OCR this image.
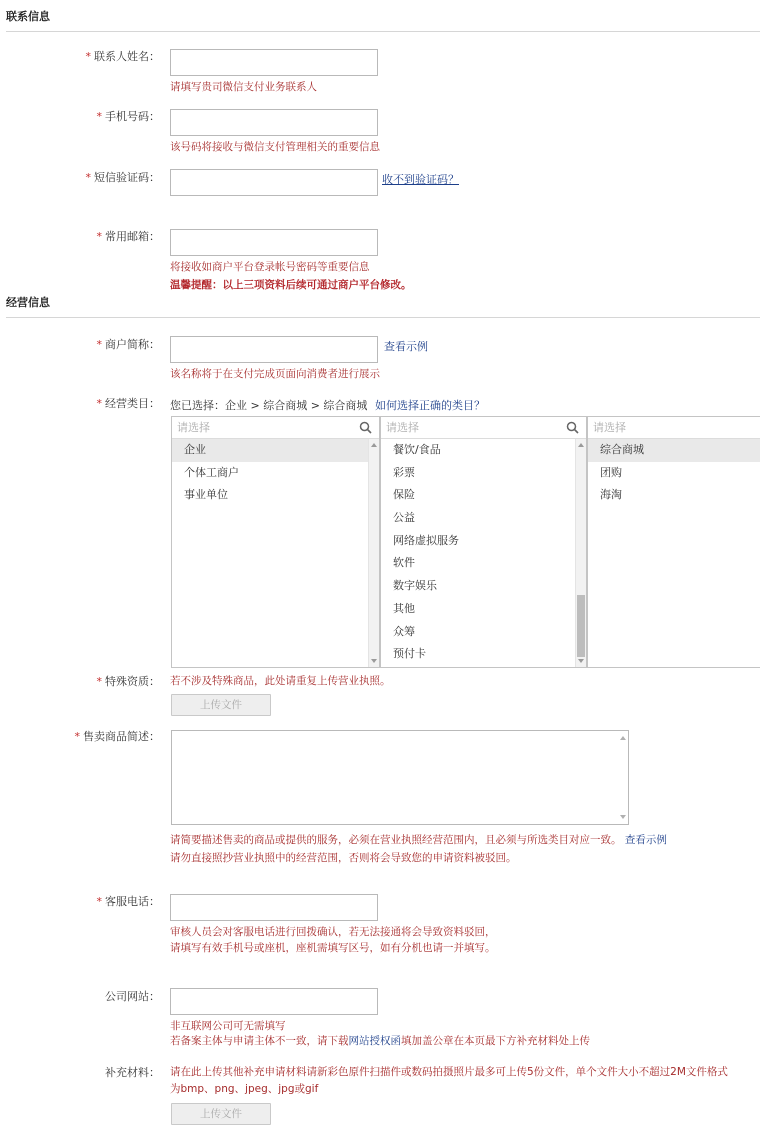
联系信息
* 联系人姓名：
请填写贵司微信支付业务联系人
* 手机号码：
该号码将接收与微信支付管理相关的重要信息
* 短信验证码：	收不到验证码？
* 常用邮箱：
将接收如商户平台登录帐号密码等重要信息
温馨提醒：以上三项资料后续可通过商户平台修改。
经营信息
* 商户简称：	查看示例
该名称将于在支付完成页面向消费者进行展示
* 经营类目： 您已选择：企业 > 综合商城 > 综合商城 如何选择正确的类目？
请选择
企业
个体工商户
事业单位
请选择
餐饮/食品
彩票
保险
公益
网络虚拟服务
软件
数字娱乐
其他
众筹
预付卡
请选择
综合商城
团购
海淘
* 特殊资质： 若不涉及特殊商品，此处请重复上传营业执照。
上传文件
* 售卖商品简述：
请简要描述售卖的商品或提供的服务，必须在营业执照经营范围内，且必须与所选类目对应一致。 查看示例
请勿直接照抄营业执照中的经营范围，否则将会导致您的申请资料被驳回。
* 客服电话：
审核人员会对客服电话进行回拨确认，若无法接通将会导致资料驳回，
请填写有效手机号或座机，座机需填写区号，如有分机也请一并填写。
公司网站：
非互联网公司可无需填写
若备案主体与申请主体不一致，请下载网站授权函填加盖公章在本页最下方补充材料处上传
补充材料： 请在此上传其他补充申请材料请新彩色原件扫描件或数码拍摄照片最多可上传5份文件，单个文件大小不超过2M文件格式
为bmp、png、jpeg、jpg或gif
上传文件
